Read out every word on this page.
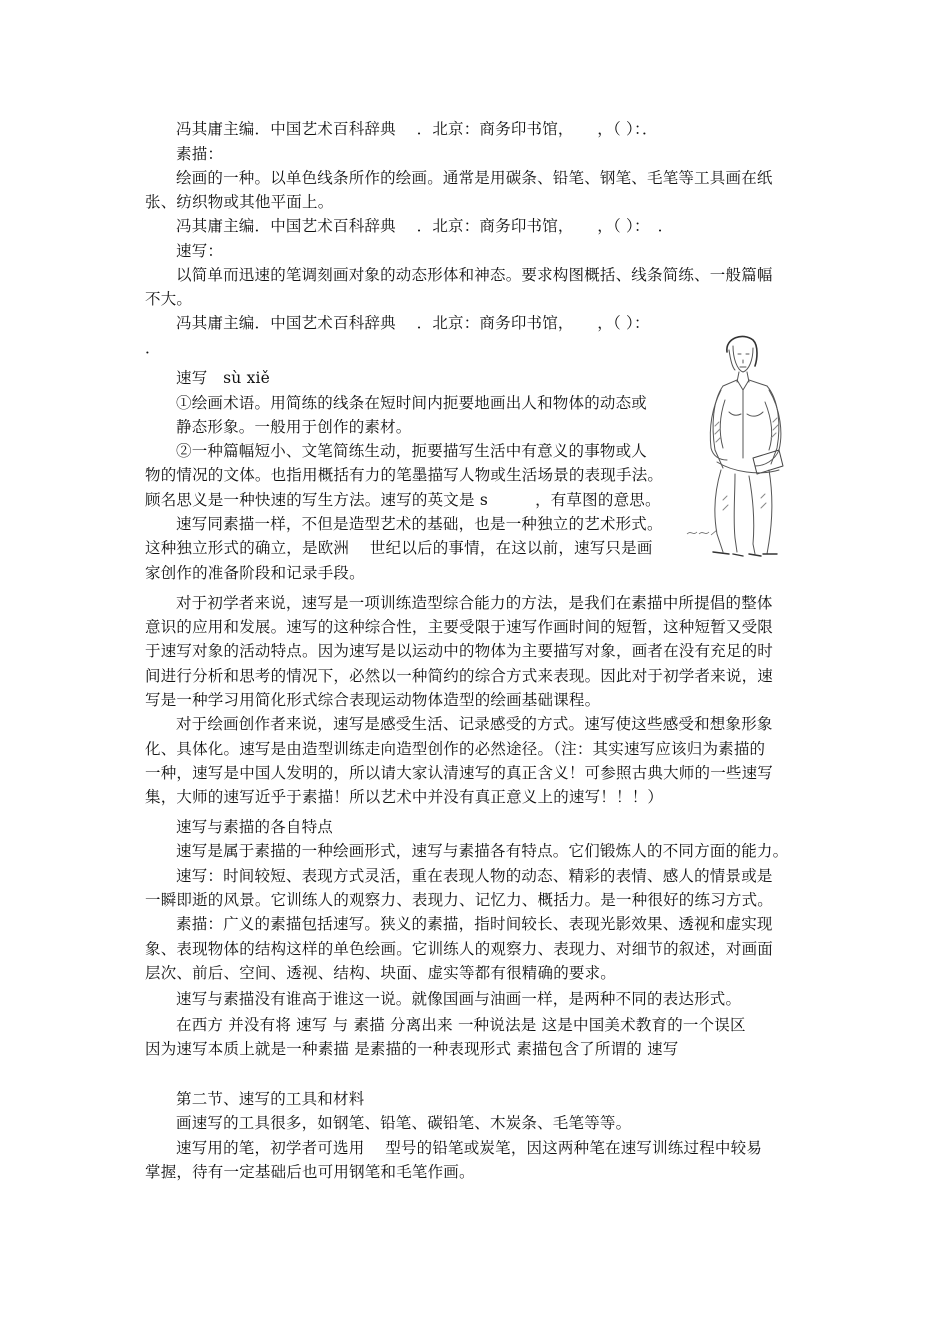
冯其庸主编．中国艺术百科辞典　 ．北京：商务印书馆，　　，（ ）：．
素描：
绘画的一种。以单色线条所作的绘画。通常是用碳条、铅笔、钢笔、毛笔等工具画在纸
张、纺织物或其他平面上。
冯其庸主编．中国艺术百科辞典　 ．北京：商务印书馆，　　，（ ）：　．
速写：
以简单而迅速的笔调刻画对象的动态形体和神态。要求构图概括、线条简练、一般篇幅
不大。
冯其庸主编．中国艺术百科辞典　 ．北京：商务印书馆，　　，（ ）：
．
速写　sù xiě
①绘画术语。用简练的线条在短时间内扼要地画出人和物体的动态或
静态形象。一般用于创作的素材。
②一种篇幅短小、文笔简练生动，扼要描写生活中有意义的事物或人
物的情况的文体。也指用概括有力的笔墨描写人物或生活场景的表现手法。
顾名思义是一种快速的写生方法。速写的英文是 s　　　，有草图的意思。
速写同素描一样，不但是造型艺术的基础，也是一种独立的艺术形式。
这种独立形式的确立，是欧洲　 世纪以后的事情，在这以前，速写只是画
家创作的准备阶段和记录手段。
对于初学者来说，速写是一项训练造型综合能力的方法，是我们在素描中所提倡的整体
意识的应用和发展。速写的这种综合性，主要受限于速写作画时间的短暂，这种短暂又受限
于速写对象的活动特点。因为速写是以运动中的物体为主要描写对象，画者在没有充足的时
间进行分析和思考的情况下，必然以一种简约的综合方式来表现。因此对于初学者来说，速
写是一种学习用简化形式综合表现运动物体造型的绘画基础课程。
对于绘画创作者来说，速写是感受生活、记录感受的方式。速写使这些感受和想象形象
化、具体化。速写是由造型训练走向造型创作的必然途径。（注：其实速写应该归为素描的
一种，速写是中国人发明的，所以请大家认清速写的真正含义！可参照古典大师的一些速写
集，大师的速写近乎于素描！所以艺术中并没有真正意义上的速写！！！）
速写与素描的各自特点
速写是属于素描的一种绘画形式，速写与素描各有特点。它们锻炼人的不同方面的能力。
速写：时间较短、表现方式灵活，重在表现人物的动态、精彩的表情、感人的情景或是
一瞬即逝的风景。它训练人的观察力、表现力、记忆力、概括力。是一种很好的练习方式。
素描：广义的素描包括速写。狭义的素描，指时间较长、表现光影效果、透视和虚实现
象、表现物体的结构这样的单色绘画。它训练人的观察力、表现力、对细节的叙述，对画面
层次、前后、空间、透视、结构、块面、虚实等都有很精确的要求。
速写与素描没有谁高于谁这一说。就像国画与油画一样，是两种不同的表达形式。
在西方 并没有将 速写 与 素描 分离出来 一种说法是 这是中国美术教育的一个误区
因为速写本质上就是一种素描 是素描的一种表现形式 素描包含了所谓的 速写
第二节、速写的工具和材料
画速写的工具很多，如钢笔、铅笔、碳铅笔、木炭条、毛笔等等。
速写用的笔，初学者可选用　 型号的铅笔或炭笔，因这两种笔在速写训练过程中较易
掌握，待有一定基础后也可用钢笔和毛笔作画。
